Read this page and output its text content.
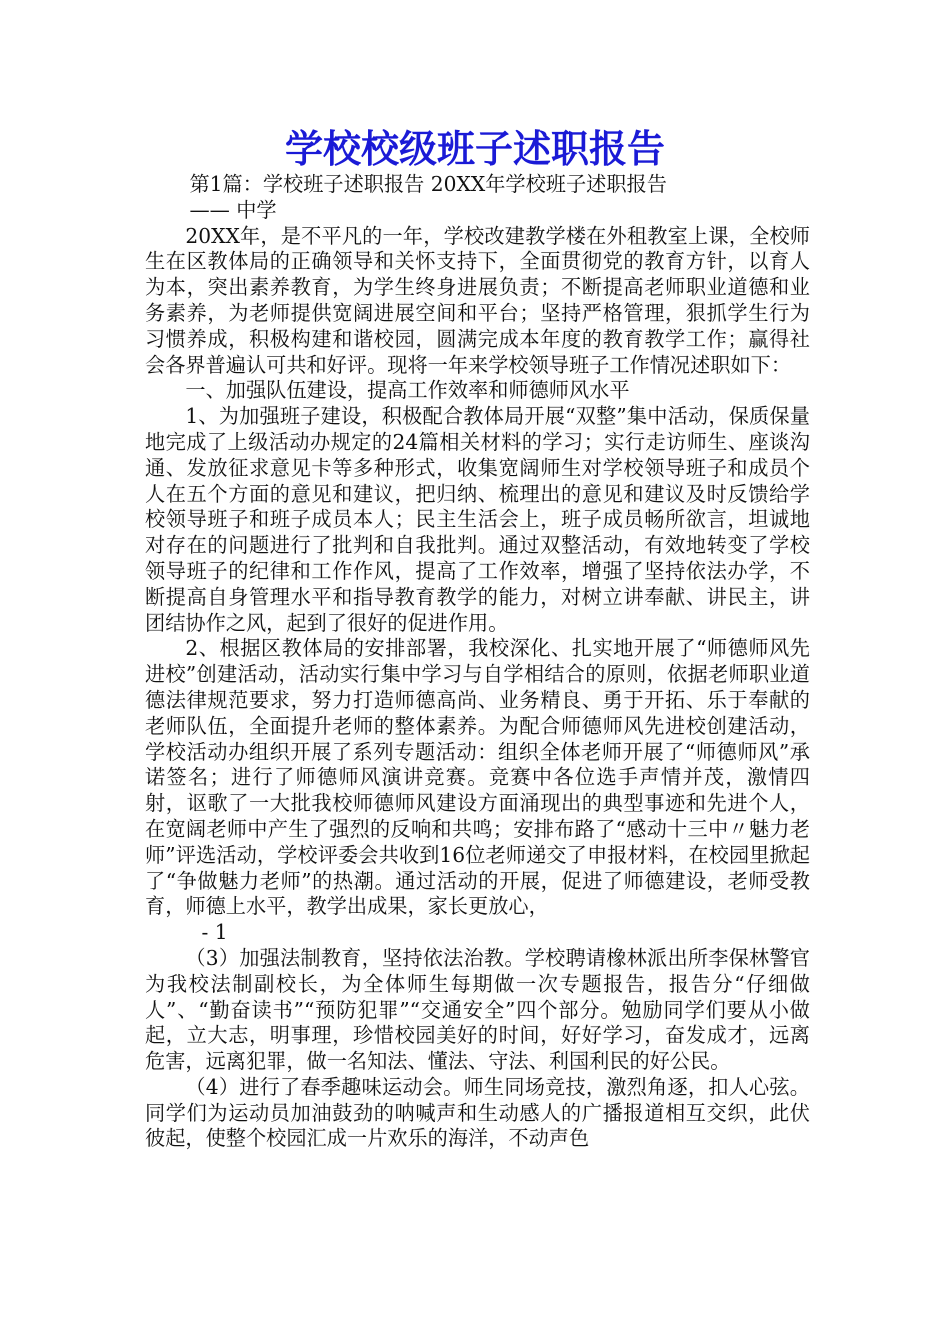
学校校级班子述职报告

第1篇：学校班子述职报告 20XX年学校班子述职报告

—— 中学

20XX年，是不平凡的一年，学校改建教学楼在外租教室上课，全校师生在区教体局的正确领导和关怀支持下，全面贯彻党的教育方针，以育人为本，突出素养教育，为学生终身进展负责；不断提高老师职业道德和业务素养，为老师提供宽阔进展空间和平台；坚持严格管理，狠抓学生行为习惯养成，积极构建和谐校园，圆满完成本年度的教育教学工作；赢得社会各界普遍认可共和好评。现将一年来学校领导班子工作情况述职如下：

一、加强队伍建设，提高工作效率和师德师风水平

1、为加强班子建设，积极配合教体局开展“双整”集中活动，保质保量地完成了上级活动办规定的24篇相关材料的学习；实行走访师生、座谈沟通、发放征求意见卡等多种形式，收集宽阔师生对学校领导班子和成员个人在五个方面的意见和建议，把归纳、梳理出的意见和建议及时反馈给学校领导班子和班子成员本人；民主生活会上，班子成员畅所欲言，坦诚地对存在的问题进行了批判和自我批判。通过双整活动，有效地转变了学校领导班子的纪律和工作作风，提高了工作效率，增强了坚持依法办学，不断提高自身管理水平和指导教育教学的能力，对树立讲奉献、讲民主，讲团结协作之风，起到了很好的促进作用。

2、根据区教体局的安排部署，我校深化、扎实地开展了“师德师风先进校”创建活动，活动实行集中学习与自学相结合的原则，依据老师职业道德法律规范要求，努力打造师德高尚、业务精良、勇于开拓、乐于奉献的老师队伍，全面提升老师的整体素养。为配合师德师风先进校创建活动，学校活动办组织开展了系列专题活动：组织全体老师开展了“师德师风”承诺签名；进行了师德师风演讲竞赛。竞赛中各位选手声情并茂，激情四射，讴歌了一大批我校师德师风建设方面涌现出的典型事迹和先进个人，在宽阔老师中产生了强烈的反响和共鸣；安排布路了“感动十三中〃魅力老师”评选活动，学校评委会共收到16位老师递交了申报材料，在校园里掀起了“争做魅力老师”的热潮。通过活动的开展，促进了师德建设，老师受教育，师德上水平，教学出成果，家长更放心，

- 1

（3）加强法制教育，坚持依法治教。学校聘请橡林派出所李保林警官为我校法制副校长，为全体师生每期做一次专题报告，报告分“仔细做人”、“勤奋读书”“预防犯罪”“交通安全”四个部分。勉励同学们要从小做起，立大志，明事理，珍惜校园美好的时间，好好学习，奋发成才，远离危害，远离犯罪，做一名知法、懂法、守法、利国利民的好公民。

（4）进行了春季趣味运动会。师生同场竞技，激烈角逐，扣人心弦。同学们为运动员加油鼓劲的呐喊声和生动感人的广播报道相互交织，此伏彼起，使整个校园汇成一片欢乐的海洋，不动声色
